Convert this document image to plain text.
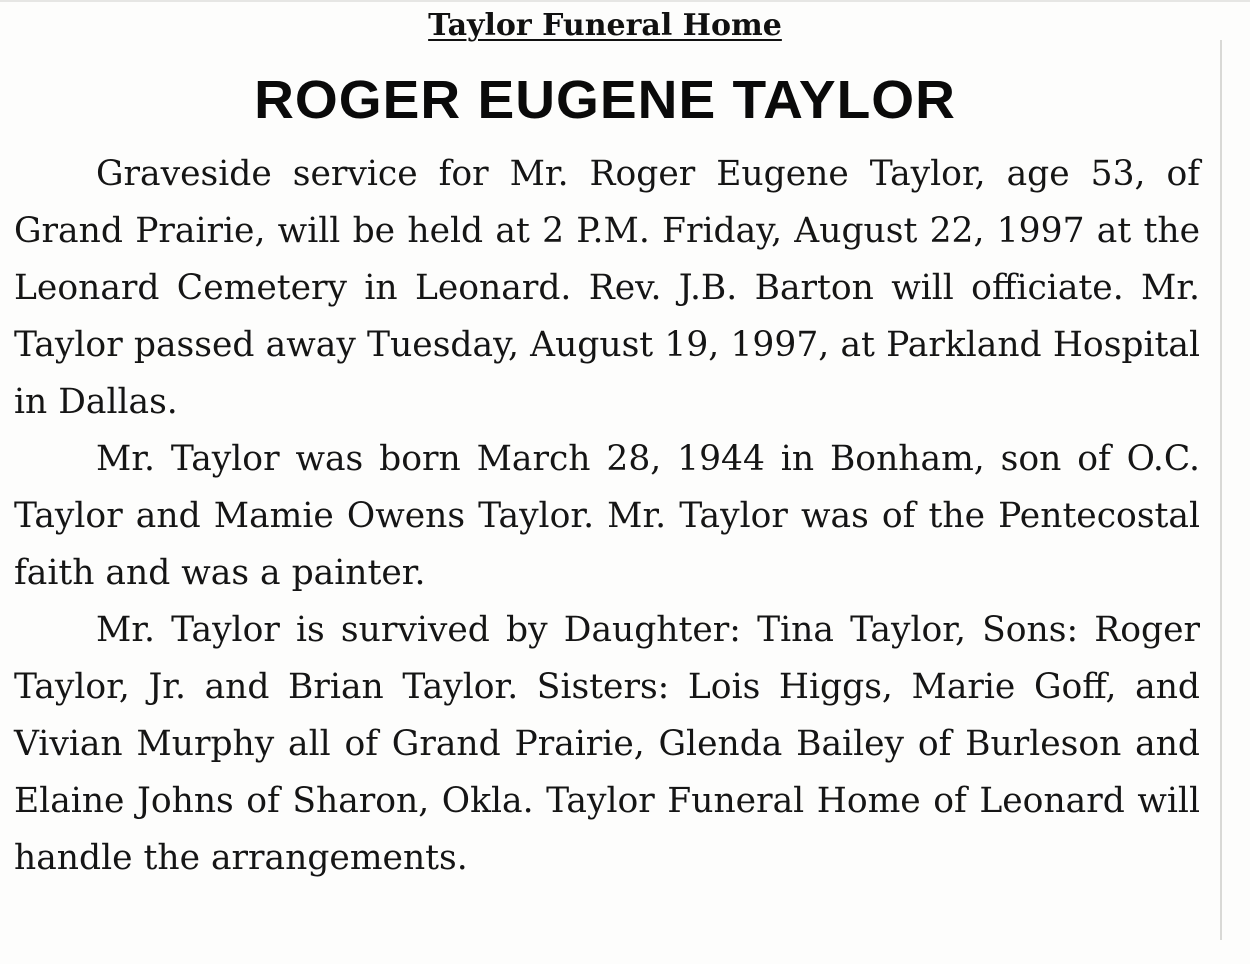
Taylor Funeral Home
ROGER EUGENE TAYLOR

Graveside service for Mr. Roger Eugene Taylor, age 53, of Grand Prairie, will be held at 2 P.M. Friday, August 22, 1997 at the Leonard Cemetery in Leonard. Rev. J.B. Barton will officiate. Mr. Taylor passed away Tuesday, August 19, 1997, at Parkland Hospital in Dallas.

Mr. Taylor was born March 28, 1944 in Bonham, son of O.C. Taylor and Mamie Owens Taylor. Mr. Taylor was of the Pentecostal faith and was a painter.

Mr. Taylor is survived by Daughter: Tina Taylor, Sons: Roger Taylor, Jr. and Brian Taylor. Sisters: Lois Higgs, Marie Goff, and Vivian Murphy all of Grand Prairie, Glenda Bailey of Burleson and Elaine Johns of Sharon, Okla. Taylor Funeral Home of Leonard will handle the arrangements.
